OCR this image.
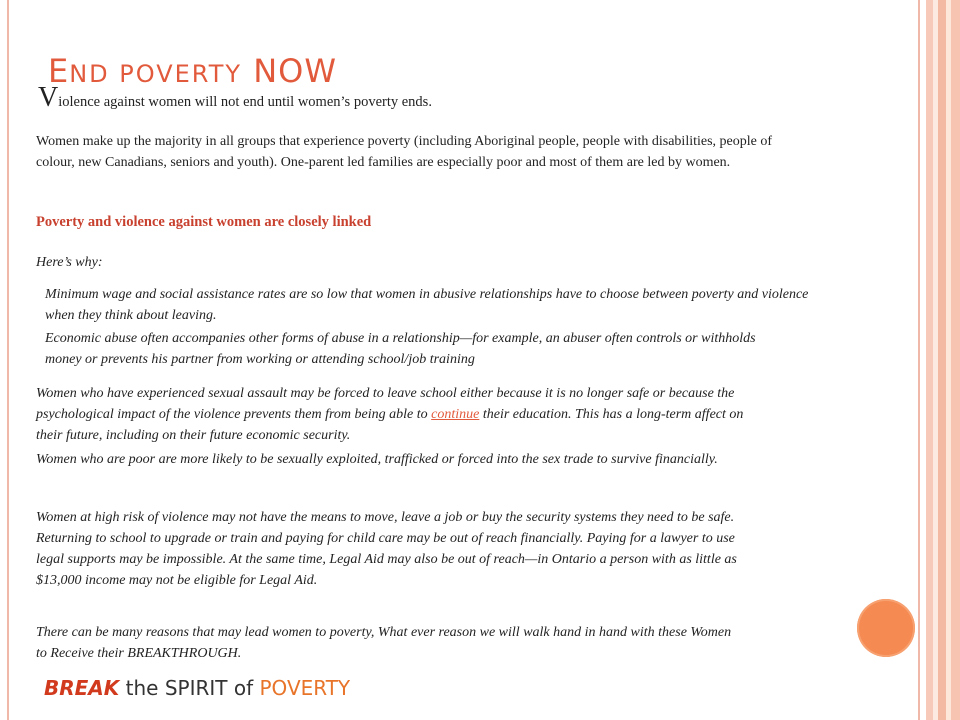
END POVERTY NOW

Violence against women will not end until women’s poverty ends.

Women make up the majority in all groups that experience poverty (including Aboriginal people, people with disabilities, people of colour, new Canadians, seniors and youth). One-parent led families are especially poor and most of them are led by women.

Poverty and violence against women are closely linked

Here’s why:

Minimum wage and social assistance rates are so low that women in abusive relationships have to choose between poverty and violence when they think about leaving.

Economic abuse often accompanies other forms of abuse in a relationship—for example, an abuser often controls or withholds money or prevents his partner from working or attending school/job training

Women who have experienced sexual assault may be forced to leave school either because it is no longer safe or because the psychological impact of the violence prevents them from being able to continue their education. This has a long-term affect on their future, including on their future economic security.

Women who are poor are more likely to be sexually exploited, trafficked or forced into the sex trade to survive financially.

Women at high risk of violence may not have the means to move, leave a job or buy the security systems they need to be safe. Returning to school to upgrade or train and paying for child care may be out of reach financially. Paying for a lawyer to use legal supports may be impossible. At the same time, Legal Aid may also be out of reach—in Ontario a person with as little as $13,000 income may not be eligible for Legal Aid.

There can be many reasons that may lead women to poverty, What ever reason we will walk hand in hand with these Women to Receive their BREAKTHROUGH.

BREAK the SPIRIT of POVERTY
